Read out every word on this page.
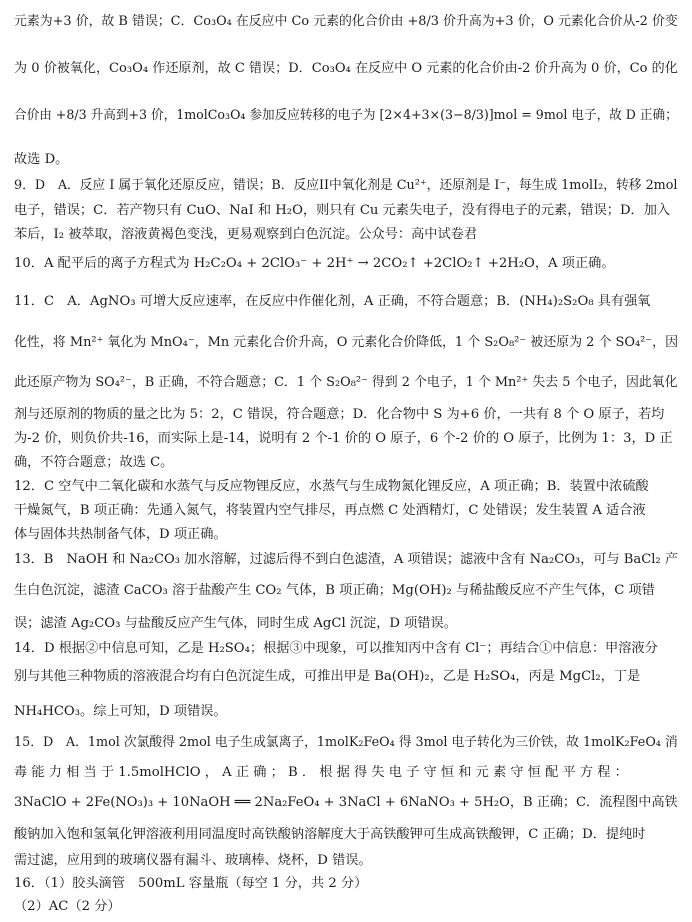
元素为+3 价，故 B 错误；C．Co₃O₄ 在反应中 Co 元素的化合价由 +8/3 价升高为+3 价，O 元素化合价从-2 价变
为 0 价被氧化，Co₃O₄ 作还原剂，故 C 错误；D．Co₃O₄ 在反应中 O 元素的化合价由-2 价升高为 0 价，Co 的化
合价由 +8/3 升高到+3 价，1molCo₃O₄ 参加反应转移的电子为 [2×4+3×(3−8/3)]mol = 9mol 电子，故 D 正确；
故选 D。
9．D　A．反应 I 属于氧化还原反应，错误；B．反应II中氧化剂是 Cu²⁺，还原剂是 I⁻，每生成 1molI₂，转移 2mol
电子，错误；C．若产物只有 CuO、NaI 和 H₂O，则只有 Cu 元素失电子，没有得电子的元素，错误；D．加入
苯后，I₂ 被萃取，溶液黄褐色变浅，更易观察到白色沉淀。公众号：高中试卷君
10．A 配平后的离子方程式为 H₂C₂O₄ + 2ClO₃⁻ + 2H⁺ → 2CO₂↑ +2ClO₂↑ +2H₂O，A 项正确。
11．C　A．AgNO₃ 可增大反应速率，在反应中作催化剂，A 正确，不符合题意；B．(NH₄)₂S₂O₈ 具有强氧
化性，将 Mn²⁺ 氧化为 MnO₄⁻，Mn 元素化合价升高，O 元素化合价降低，1 个 S₂O₈²⁻ 被还原为 2 个 SO₄²⁻，因
此还原产物为 SO₄²⁻，B 正确，不符合题意；C．1 个 S₂O₈²⁻ 得到 2 个电子，1 个 Mn²⁺ 失去 5 个电子，因此氧化
剂与还原剂的物质的量之比为 5：2，C 错误，符合题意；D．化合物中 S 为+6 价，一共有 8 个 O 原子，若均
为-2 价，则负价共-16，而实际上是-14，说明有 2 个-1 价的 O 原子，6 个-2 价的 O 原子，比例为 1：3，D 正
确，不符合题意；故选 C。
12．C 空气中二氧化碳和水蒸气与反应物锂反应，水蒸气与生成物氮化锂反应，A 项正确；B．装置中浓硫酸
干燥氮气，B 项正确：先通入氮气，将装置内空气排尽，再点燃 C 处酒精灯，C 处错误；发生装置 A 适合液
体与固体共热制备气体，D 项正确。
13．B　NaOH 和 Na₂CO₃ 加水溶解，过滤后得不到白色滤渣，A 项错误；滤液中含有 Na₂CO₃，可与 BaCl₂ 产
生白色沉淀，滤渣 CaCO₃ 溶于盐酸产生 CO₂ 气体，B 项正确；Mg(OH)₂ 与稀盐酸反应不产生气体，C 项错
误；滤渣 Ag₂CO₃ 与盐酸反应产生气体，同时生成 AgCl 沉淀，D 项错误。
14．D 根据②中信息可知，乙是 H₂SO₄；根据③中现象，可以推知丙中含有 Cl⁻；再结合①中信息：甲溶液分
别与其他三种物质的溶液混合均有白色沉淀生成，可推出甲是 Ba(OH)₂，乙是 H₂SO₄，丙是 MgCl₂，丁是
NH₄HCO₃。综上可知，D 项错误。
15．D　A．1mol 次氯酸得 2mol 电子生成氯离子，1molK₂FeO₄ 得 3mol 电子转化为三价铁，故 1molK₂FeO₄ 消
毒 能 力 相 当 于 1.5molHClO ， A 正 确 ； B ． 根 据 得 失 电 子 守 恒 和 元 素 守 恒 配 平 方 程 ：
3NaClO + 2Fe(NO₃)₃ + 10NaOH ══ 2Na₂FeO₄ + 3NaCl + 6NaNO₃ + 5H₂O，B 正确；C．流程图中高铁
酸钠加入饱和氢氧化钾溶液利用同温度时高铁酸钠溶解度大于高铁酸钾可生成高铁酸钾，C 正确；D．提纯时
需过滤，应用到的玻璃仪器有漏斗、玻璃棒、烧杯，D 错误。
16．（1）胶头滴管　500mL 容量瓶（每空 1 分，共 2 分）
（2）AC（2 分）
